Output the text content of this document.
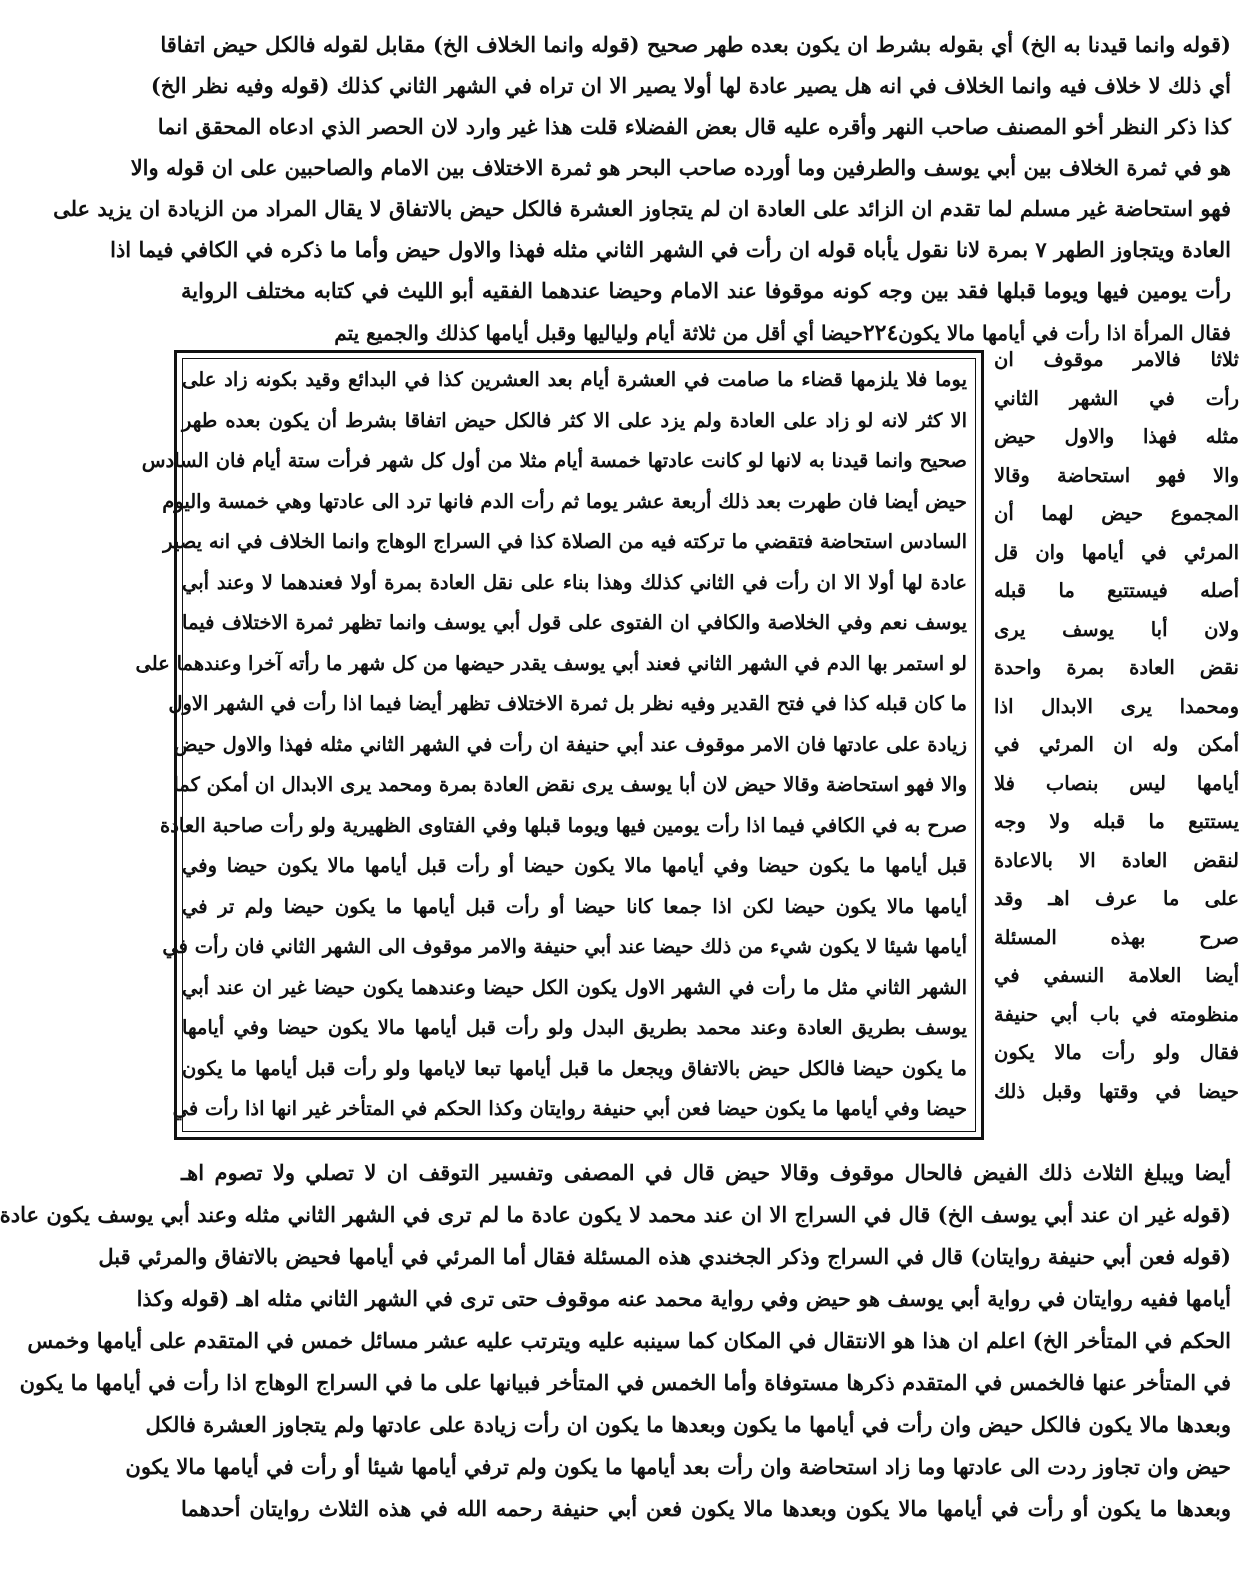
(قوله وانما قيدنا به الخ) أي بقوله بشرط ان يكون بعده طهر صحيح (قوله وانما الخلاف الخ) مقابل لقوله فالكل حيض اتفاقا
أي ذلك لا خلاف فيه وانما الخلاف في انه هل يصير عادة لها أولا يصير الا ان تراه في الشهر الثاني كذلك (قوله وفيه نظر الخ)
كذا ذكر النظر أخو المصنف صاحب النهر وأقره عليه قال بعض الفضلاء قلت هذا غير وارد لان الحصر الذي ادعاه المحقق انما
هو في ثمرة الخلاف بين أبي يوسف والطرفين وما أورده صاحب البحر هو ثمرة الاختلاف بين الامام والصاحبين على ان قوله والا
فهو استحاضة غير مسلم لما تقدم ان الزائد على العادة ان لم يتجاوز العشرة فالكل حيض بالاتفاق لا يقال المراد من الزيادة ان يزيد على
العادة ويتجاوز الطهر ٧ بمرة لانا نقول يأباه قوله ان رأت في الشهر الثاني مثله فهذا والاول حيض وأما ما ذكره في الكافي فيما اذا
رأت يومين فيها ويوما قبلها فقد بين وجه كونه موقوفا عند الامام وحيضا عندهما الفقيه أبو الليث في كتابه مختلف الرواية
فقال المرأة اذا رأت في أيامها مالا يكون
٢٢٤
حيضا أي أقل من ثلاثة أيام ولياليها وقبل أيامها كذلك والجميع يتم
ثلاثا فالامر موقوف ان
رأت في الشهر الثاني
مثله فهذا والاول حيض
والا فهو استحاضة وقالا
المجموع حيض لهما أن
المرئي في أيامها وان قل
أصله فيستتبع ما قبله
ولان أبا يوسف يرى
نقض العادة بمرة واحدة
ومحمدا يرى الابدال اذا
أمكن وله ان المرئي في
أيامها ليس بنصاب فلا
يستتبع ما قبله ولا وجه
لنقض العادة الا بالاعادة
على ما عرف اهـ وقد
صرح بهذه المسئلة
أيضا العلامة النسفي في
منظومته في باب أبي حنيفة
فقال ولو رأت مالا يكون
حيضا في وقتها وقبل ذلك
يوما فلا يلزمها قضاء ما صامت في العشرة أيام بعد العشرين كذا في البدائع وقيد بكونه زاد على
الا كثر لانه لو زاد على العادة ولم يزد على الا كثر فالكل حيض اتفاقا بشرط أن يكون بعده طهر
صحيح وانما قيدنا به لانها لو كانت عادتها خمسة أيام مثلا من أول كل شهر فرأت ستة أيام فان السادس
حيض أيضا فان طهرت بعد ذلك أربعة عشر يوما ثم رأت الدم فانها ترد الى عادتها وهي خمسة واليوم
السادس استحاضة فتقضي ما تركته فيه من الصلاة كذا في السراج الوهاج وانما الخلاف في انه يصير
عادة لها أولا الا ان رأت في الثاني كذلك وهذا بناء على نقل العادة بمرة أولا فعندهما لا وعند أبي
يوسف نعم وفي الخلاصة والكافي ان الفتوى على قول أبي يوسف وانما تظهر ثمرة الاختلاف فيما
لو استمر بها الدم في الشهر الثاني فعند أبي يوسف يقدر حيضها من كل شهر ما رأته آخرا وعندهما على
ما كان قبله كذا في فتح القدير وفيه نظر بل ثمرة الاختلاف تظهر أيضا فيما اذا رأت في الشهر الاول
زيادة على عادتها فان الامر موقوف عند أبي حنيفة ان رأت في الشهر الثاني مثله فهذا والاول حيض
والا فهو استحاضة وقالا حيض لان أبا يوسف يرى نقض العادة بمرة ومحمد يرى الابدال ان أمكن كما
صرح به في الكافي فيما اذا رأت يومين فيها ويوما قبلها وفي الفتاوى الظهيرية ولو رأت صاحبة العادة
قبل أيامها ما يكون حيضا وفي أيامها مالا يكون حيضا أو رأت قبل أيامها مالا يكون حيضا وفي
أيامها مالا يكون حيضا لكن اذا جمعا كانا حيضا أو رأت قبل أيامها ما يكون حيضا ولم تر في
أيامها شيئا لا يكون شيء من ذلك حيضا عند أبي حنيفة والامر موقوف الى الشهر الثاني فان رأت في
الشهر الثاني مثل ما رأت في الشهر الاول يكون الكل حيضا وعندهما يكون حيضا غير ان عند أبي
يوسف بطريق العادة وعند محمد بطريق البدل ولو رأت قبل أيامها مالا يكون حيضا وفي أيامها
ما يكون حيضا فالكل حيض بالاتفاق ويجعل ما قبل أيامها تبعا لايامها ولو رأت قبل أيامها ما يكون
حيضا وفي أيامها ما يكون حيضا فعن أبي حنيفة روايتان وكذا الحكم في المتأخر غير انها اذا رأت في
أيضا ويبلغ الثلاث ذلك الفيض فالحال موقوف وقالا حيض قال في المصفى وتفسير التوقف ان لا تصلي ولا تصوم اهـ
(قوله غير ان عند أبي يوسف الخ) قال في السراج الا ان عند محمد لا يكون عادة ما لم ترى في الشهر الثاني مثله وعند أبي يوسف يكون عادة
(قوله فعن أبي حنيفة روايتان) قال في السراج وذكر الجخندي هذه المسئلة فقال أما المرئي في أيامها فحيض بالاتفاق والمرئي قبل
أيامها ففيه روايتان في رواية أبي يوسف هو حيض وفي رواية محمد عنه موقوف حتى ترى في الشهر الثاني مثله اهـ (قوله وكذا
الحكم في المتأخر الخ) اعلم ان هذا هو الانتقال في المكان كما سينبه عليه ويترتب عليه عشر مسائل خمس في المتقدم على أيامها وخمس
في المتأخر عنها فالخمس في المتقدم ذكرها مستوفاة وأما الخمس في المتأخر فبيانها على ما في السراج الوهاج اذا رأت في أيامها ما يكون
وبعدها مالا يكون فالكل حيض وان رأت في أيامها ما يكون وبعدها ما يكون ان رأت زيادة على عادتها ولم يتجاوز العشرة فالكل
حيض وان تجاوز ردت الى عادتها وما زاد استحاضة وان رأت بعد أيامها ما يكون ولم ترفي أيامها شيئا أو رأت في أيامها مالا يكون
وبعدها ما يكون أو رأت في أيامها مالا يكون وبعدها مالا يكون فعن أبي حنيفة رحمه الله في هذه الثلاث روايتان أحدهما
